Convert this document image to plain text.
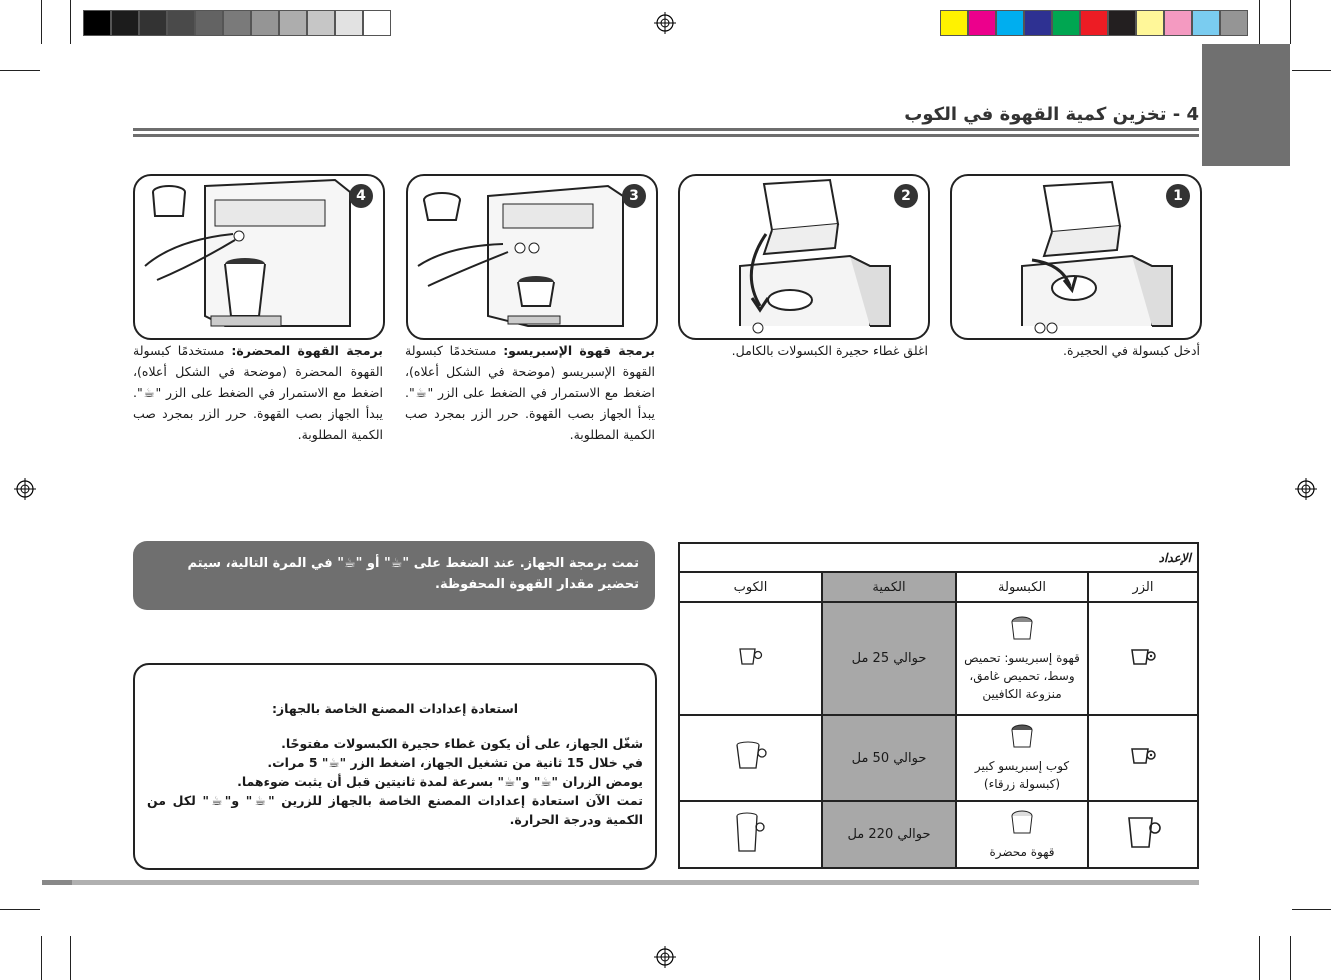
4 - تخزين كمية القهوة في الكوب
1
2
3
4
أدخل كبسولة في الحجيرة.
اغلق غطاء حجيرة الكبسولات بالكامل.
برمجة قهوة الإسبريسو: مستخدمًا كبسولة القهوة الإسبريسو (موضحة في الشكل أعلاه)، اضغط مع الاستمرار في الضغط على الزر "☕". يبدأ الجهاز بصب القهوة. حرر الزر بمجرد صب الكمية المطلوبة.
برمجة القهوة المحضرة: مستخدمًا كبسولة القهوة المحضرة (موضحة في الشكل أعلاه)، اضغط مع الاستمرار في الضغط على الزر "☕". يبدأ الجهاز بصب القهوة. حرر الزر بمجرد صب الكمية المطلوبة.
تمت برمجة الجهاز. عند الضغط على "☕" أو "☕" في المرة التالية، سيتم تحضير مقدار القهوة المحفوظة.
استعادة إعدادات المصنع الخاصة بالجهاز:

شغّل الجهاز، على أن يكون غطاء حجيرة الكبسولات مفتوحًا.

في خلال 15 ثانية من تشغيل الجهاز، اضغط الزر "☕" 5 مرات.

يومض الزران "☕" و"☕" بسرعة لمدة ثانيتين قبل أن يثبت ضوءهما.

تمت الآن استعادة إعدادات المصنع الخاصة بالجهاز للزرين "☕" و"☕" لكل من الكمية ودرجة الحرارة.

الإعداد			
الزر	الكبسولة	الكمية	الكوب

قهوة إسبريسو: تحميص وسط، تحميص غامق، منزوعة الكافيين	حوالي 25 مل	

كوب إسبريسو كبير (كبسولة زرقاء)	حوالي 50 مل	

قهوة محضرة	حوالي 220 مل	
